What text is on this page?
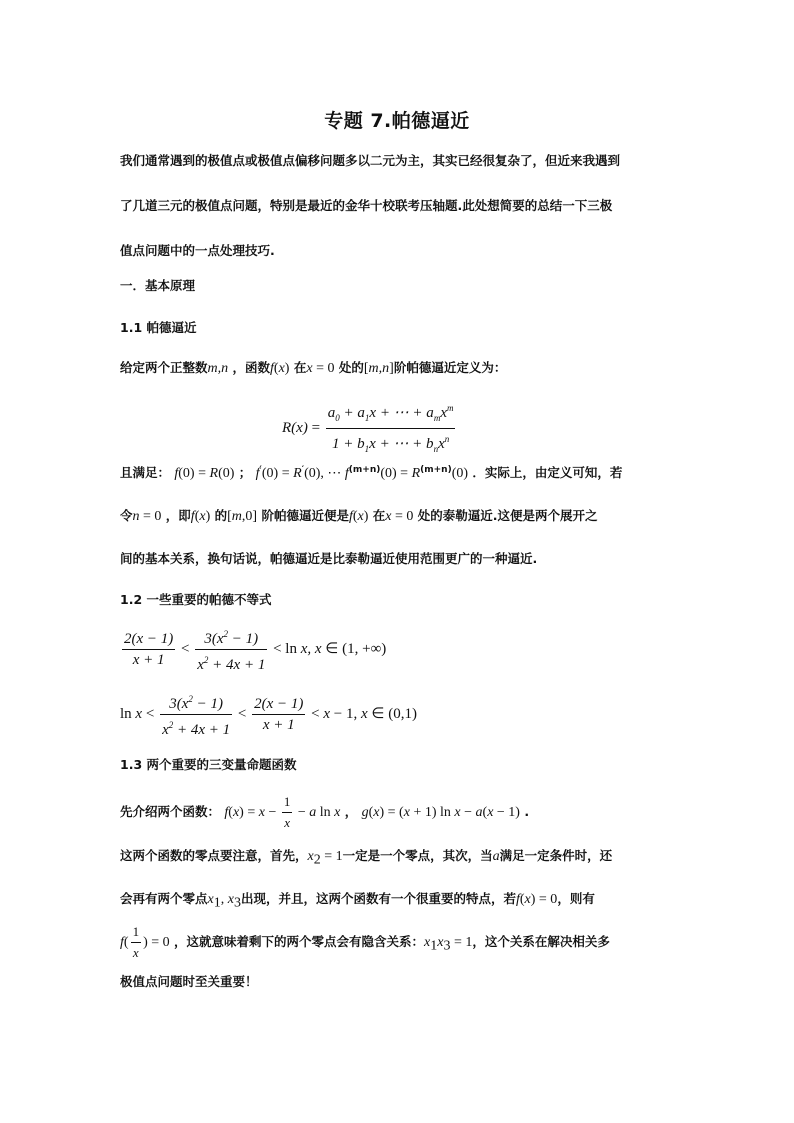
专题 7.帕德逼近
我们通常遇到的极值点或极值点偏移问题多以二元为主，其实已经很复杂了，但近来我遇到
了几道三元的极值点问题，特别是最近的金华十校联考压轴题.此处想简要的总结一下三极
值点问题中的一点处理技巧.
一．基本原理
1.1 帕德逼近
给定两个正整数m,n ，函数f(x) 在x = 0 处的[m,n]阶帕德逼近定义为：
$R(x) = \frac{a_0 + a_1x + \cdots + a_mx^m}{1 + b_1x + \cdots + b_nx^n}$
且满足： f(0) = R(0) ； f′(0) = R′(0), ⋯ $f^{(m+n)}(0) = R^{(m+n)}(0)$ ．实际上，由定义可知，若
令n = 0 ，即f(x) 的[m,0] 阶帕德逼近便是f(x) 在x = 0 处的泰勒逼近.这便是两个展开之
间的基本关系，换句话说，帕德逼近是比泰勒逼近使用范围更广的一种逼近.
1.2 一些重要的帕德不等式
$\frac{2(x - 1)}{x + 1} < \frac{3(x^2 - 1)}{x^2 + 4x + 1} < \ln x$, x ∈ (1, +∞)
$\ln x < \frac{3(x^2 - 1)}{x^2 + 4x + 1} < \frac{2(x - 1)}{x + 1} < x - 1$, x ∈ (0,1)
1.3 两个重要的三变量命题函数
先介绍两个函数： $f(x) = x - \frac{1}{x} - a$ ln x ， g(x) = (x + 1) ln x − a(x − 1) .
这两个函数的零点要注意，首先，$x_2 = 1$一定是一个零点，其次，当a满足一定条件时，还
会再有两个零点$x_1$, $x_3$出现，并且，这两个函数有一个很重要的特点，若f(x) = 0，则有
$f( \frac{1}{x}$ ) = 0 ，这就意味着剩下的两个零点会有隐含关系：$x_1x_3 = 1$，这个关系在解决相关多
极值点问题时至关重要！
